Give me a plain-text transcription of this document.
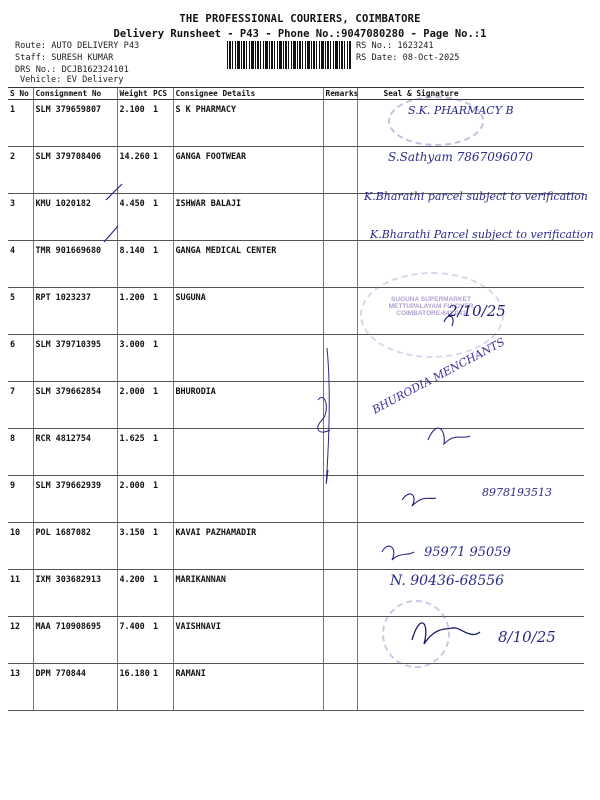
THE PROFESSIONAL COURIERS, COIMBATORE
Delivery Runsheet - P43 - Phone No.:9047080280 - Page No.:1
Route: AUTO DELIVERY P43
Staff: SURESH KUMAR
DRS No.: DCJB162324101
Vehicle: EV Delivery
RS No.: 1623241
RS Date: 08-Oct-2025
S No	Consignment No	Weight	PCS	Consignee Details	Remarks	Seal & Signature
1	SLM 379659807	2.100	1	S K PHARMACY		
2	SLM 379708406	14.260	1	GANGA FOOTWEAR		
3	KMU 1020182	4.450	1	ISHWAR BALAJI		
4	TMR 901669680	8.140	1	GANGA MEDICAL CENTER		
5	RPT 1023237	1.200	1	SUGUNA		
6	SLM 379710395	3.000	1			
7	SLM 379662854	2.000	1	BHURODIA		
8	RCR 4812754	1.625	1			
9	SLM 379662939	2.000	1			
10	POL 1687082	3.150	1	KAVAI PAZHAMADIR		
11	IXM 303682913	4.200	1	MARIKANNAN		
12	MAA 710908695	7.400	1	VAISHNAVI		
13	DPM 770844	16.180	1	RAMANI		
SUGUNA SUPERMARKET METTUPALAYAM FLYOVER COIMBATORE-641 043
S.K. PHARMACY B
S.Sathyam 7867096070
K.Bharathi parcel subject to verification
K.Bharathi Parcel subject to verification
2/10/25
BHURODIA MENCHANTS
8978193513
95971 95059
N. 90436-68556
8/10/25
